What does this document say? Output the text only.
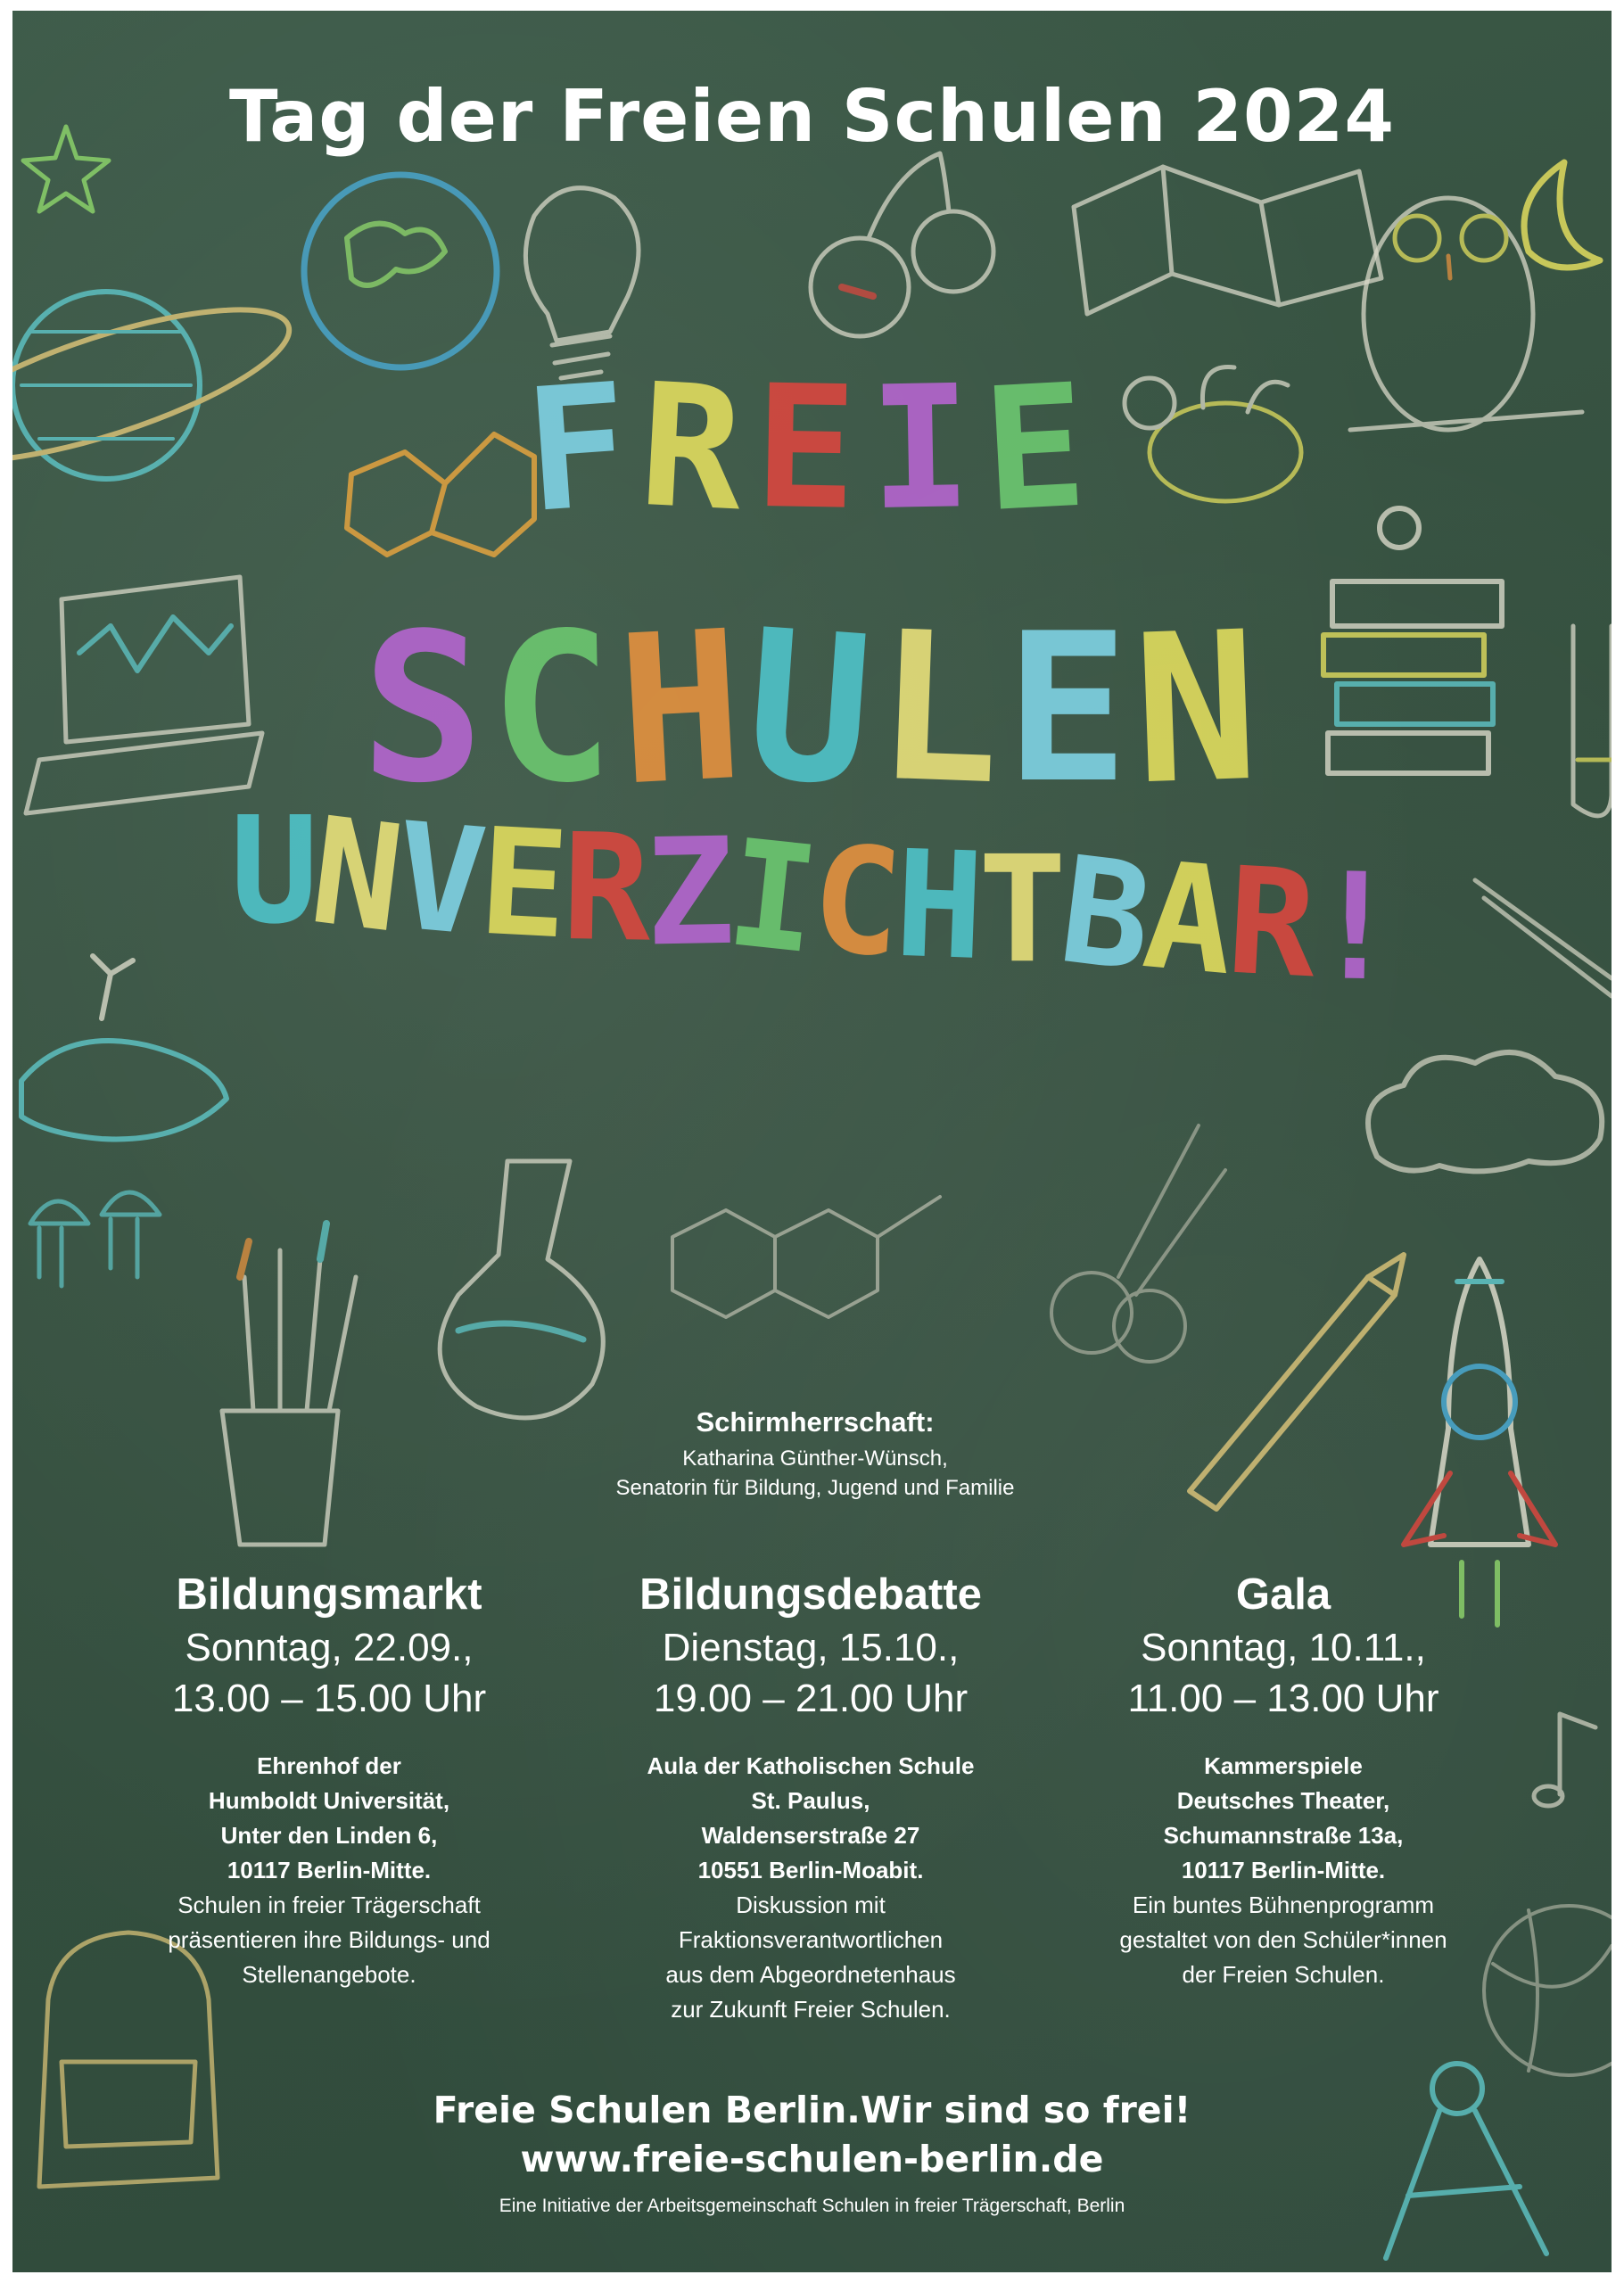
Tag der Freien Schulen 2024
FREIE
SCHULEN
UNVERZICHTBAR!
Schirmherrschaft:
Katharina Günther-Wünsch,
Senatorin für Bildung, Jugend und Familie
Bildungsmarkt
Sonntag, 22.09.,
13.00 – 15.00 Uhr
Ehrenhof der
Humboldt Universität,
Unter den Linden 6,
10117 Berlin-Mitte.
Schulen in freier Trägerschaft
präsentieren ihre Bildungs- und
Stellenangebote.
Bildungsdebatte
Dienstag, 15.10.,
19.00 – 21.00 Uhr
Aula der Katholischen Schule
St. Paulus,
Waldenserstraße 27
10551 Berlin-Moabit.
Diskussion mit
Fraktionsverantwortlichen
aus dem Abgeordnetenhaus
zur Zukunft Freier Schulen.
Gala
Sonntag, 10.11.,
11.00 – 13.00 Uhr
Kammerspiele
Deutsches Theater,
Schumannstraße 13a,
10117 Berlin-Mitte.
Ein buntes Bühnenprogramm
gestaltet von den Schüler*innen
der Freien Schulen.
Freie Schulen Berlin.Wir sind so frei!
www.freie-schulen-berlin.de
Eine Initiative der Arbeitsgemeinschaft Schulen in freier Trägerschaft, Berlin
